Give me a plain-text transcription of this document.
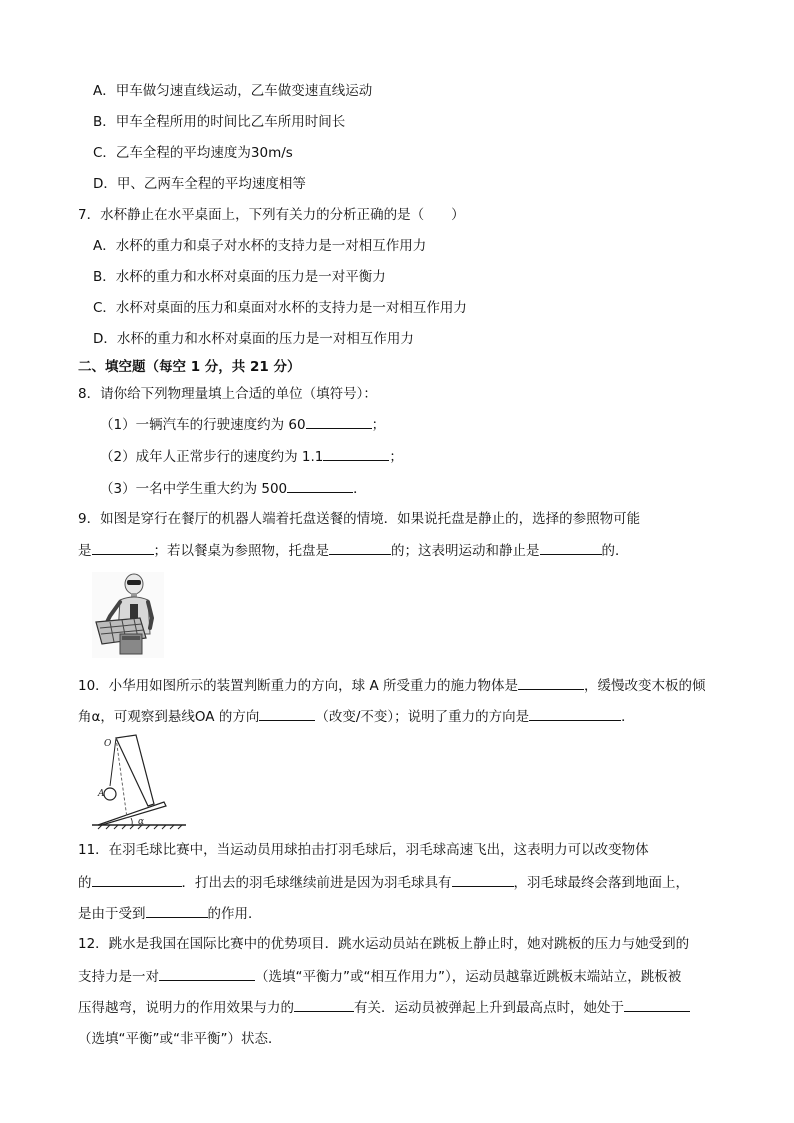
A．甲车做匀速直线运动，乙车做变速直线运动
B．甲车全程所用的时间比乙车所用时间长
C．乙车全程的平均速度为30m/s
D．甲、乙两车全程的平均速度相等
7．水杯静止在水平桌面上，下列有关力的分析正确的是（　　）
A．水杯的重力和桌子对水杯的支持力是一对相互作用力
B．水杯的重力和水杯对桌面的压力是一对平衡力
C．水杯对桌面的压力和桌面对水杯的支持力是一对相互作用力
D．水杯的重力和水杯对桌面的压力是一对相互作用力
二、填空题（每空 1 分，共 21 分）
8．请你给下列物理量填上合适的单位（填符号）：
（1）一辆汽车的行驶速度约为 60	；
（2）成年人正常步行的速度约为 1.1	；
（3）一名中学生重大约为 500	．
9．如图是穿行在餐厅的机器人端着托盘送餐的情境．如果说托盘是静止的，选择的参照物可能
是	；若以餐桌为参照物，托盘是	的；这表明运动和静止是	的．
10．小华用如图所示的装置判断重力的方向，球 A 所受重力的施力物体是	，缓慢改变木板的倾
角α，可观察到悬线OA 的方向	（改变/不变）；说明了重力的方向是	．
O
A
α
11．在羽毛球比赛中，当运动员用球拍击打羽毛球后，羽毛球高速飞出，这表明力可以改变物体
的	．打出去的羽毛球继续前进是因为羽毛球具有	，羽毛球最终会落到地面上，
是由于受到	的作用．
12．跳水是我国在国际比赛中的优势项目．跳水运动员站在跳板上静止时，她对跳板的压力与她受到的
支持力是一对	（选填“平衡力”或“相互作用力”），运动员越靠近跳板末端站立，跳板被
压得越弯，说明力的作用效果与力的	有关．运动员被弹起上升到最高点时，她处于
（选填“平衡”或“非平衡”）状态．
